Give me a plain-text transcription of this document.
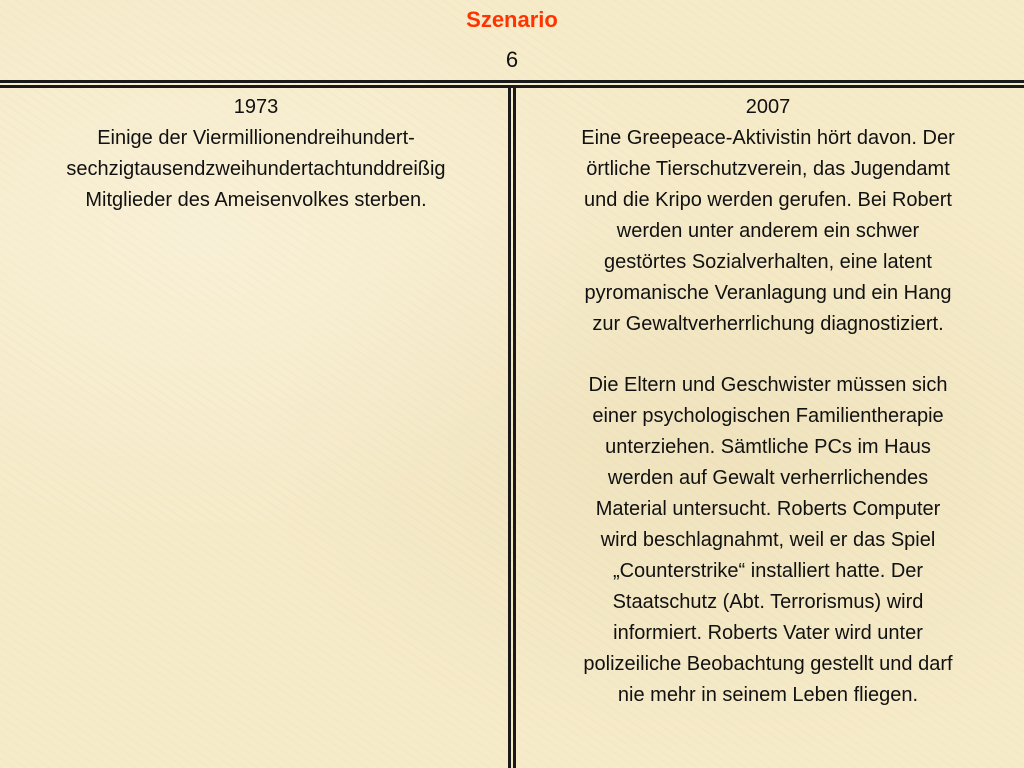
Szenario
6

1973

Einige der Viermillionendreihundert-

sechzigtausendzweihundertachtunddreißig

Mitglieder des Ameisenvolkes sterben.

2007

Eine Greepeace-Aktivistin hört davon. Der

örtliche Tierschutzverein, das Jugendamt

und die Kripo werden gerufen. Bei Robert

werden unter anderem ein schwer

gestörtes Sozialverhalten, eine latent

pyromanische Veranlagung und ein Hang

zur Gewaltverherrlichung diagnostiziert.

Die Eltern und Geschwister müssen sich

einer psychologischen Familientherapie

unterziehen. Sämtliche PCs im Haus

werden auf Gewalt verherrlichendes

Material untersucht. Roberts Computer

wird beschlagnahmt, weil er das Spiel

„Counterstrike“ installiert hatte. Der

Staatschutz (Abt. Terrorismus) wird

informiert. Roberts Vater wird unter

polizeiliche Beobachtung gestellt und darf

nie mehr in seinem Leben fliegen.
